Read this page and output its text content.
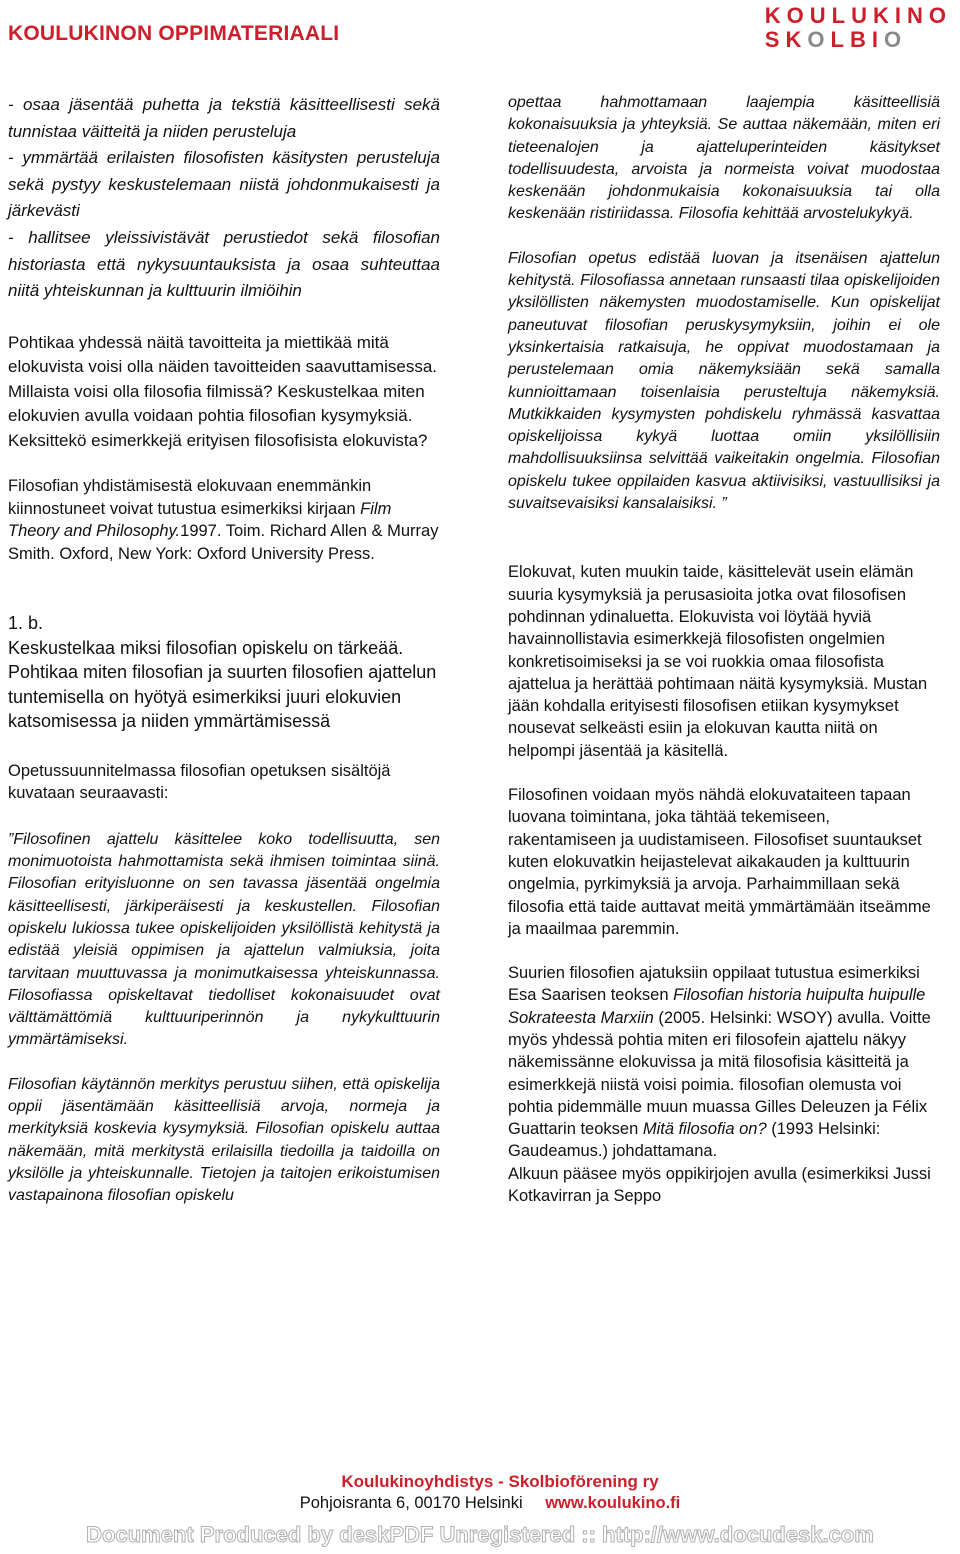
KOULUKINON OPPIMATERIAALI
KOULUKINO
SKOLBIO

- osaa jäsentää puhetta ja tekstiä käsitteellisesti sekä tunnistaa väitteitä ja niiden perusteluja
- ymmärtää erilaisten filosofisten käsitysten perusteluja sekä pystyy keskustelemaan niistä johdonmukaisesti ja järkevästi
- hallitsee yleissivistävät perustiedot sekä filosofian historiasta että nykysuuntauksista ja osaa suhteuttaa niitä yhteiskunnan ja kulttuurin ilmiöihin

Pohtikaa yhdessä näitä tavoitteita ja miettikää mitä elokuvista voisi olla näiden tavoitteiden saavuttamisessa. Millaista voisi olla filosofia filmissä? Keskustelkaa miten elokuvien avulla voidaan pohtia filosofian kysymyksiä. Keksittekö esimerkkejä erityisen filosofisista elokuvista?

Filosofian yhdistämisestä elokuvaan enemmänkin kiinnostuneet voivat tutustua esimerkiksi kirjaan Film Theory and Philosophy.1997. Toim. Richard Allen & Murray Smith. Oxford, New York: Oxford University Press.

1. b.

Keskustelkaa miksi filosofian opiskelu on tärkeää. Pohtikaa miten filosofian ja suurten filosofien ajattelun tuntemisella on hyötyä esimerkiksi juuri elokuvien katsomisessa ja niiden ymmärtämisessä

Opetussuunnitelmassa filosofian opetuksen sisältöjä kuvataan seuraavasti:

”Filosofinen ajattelu käsittelee koko todellisuutta, sen monimuotoista hahmottamista sekä ihmisen toimintaa siinä. Filosofian erityisluonne on sen tavassa jäsentää ongelmia käsitteellisesti, järkiperäisesti ja keskustellen. Filosofian opiskelu lukiossa tukee opiskelijoiden yksilöllistä kehitystä ja edistää yleisiä oppimisen ja ajattelun valmiuksia, joita tarvitaan muuttuvassa ja monimutkaisessa yhteiskunnassa. Filosofiassa opiskeltavat tiedolliset kokonaisuudet ovat välttämättömiä kulttuuriperinnön ja nykykulttuurin ymmärtämiseksi.

Filosofian käytännön merkitys perustuu siihen, että opiskelija oppii jäsentämään käsitteellisiä arvoja, normeja ja merkityksiä koskevia kysymyksiä. Filosofian opiskelu auttaa näkemään, mitä merkitystä erilaisilla tiedoilla ja taidoilla on yksilölle ja yhteiskunnalle. Tietojen ja taitojen erikoistumisen vastapainona filosofian opiskelu

opettaa hahmottamaan laajempia käsitteellisiä kokonaisuuksia ja yhteyksiä. Se auttaa näkemään, miten eri tieteenalojen ja ajatteluperinteiden käsitykset todellisuudesta, arvoista ja normeista voivat muodostaa keskenään johdonmukaisia kokonaisuuksia tai olla keskenään ristiriidassa. Filosofia kehittää arvostelukykyä.

Filosofian opetus edistää luovan ja itsenäisen ajattelun kehitystä. Filosofiassa annetaan runsaasti tilaa opiskelijoiden yksilöllisten näkemysten muodostamiselle. Kun opiskelijat paneutuvat filosofian peruskysymyksiin, joihin ei ole yksinkertaisia ratkaisuja, he oppivat muodostamaan ja perustelemaan omia näkemyksiään sekä samalla kunnioittamaan toisenlaisia perusteltuja näkemyksiä. Mutkikkaiden kysymysten pohdiskelu ryhmässä kasvattaa opiskelijoissa kykyä luottaa omiin yksilöllisiin mahdollisuuksiinsa selvittää vaikeitakin ongelmia. Filosofian opiskelu tukee oppilaiden kasvua aktiivisiksi, vastuullisiksi ja suvaitsevaisiksi kansalaisiksi. ”

Elokuvat, kuten muukin taide, käsittelevät usein elämän suuria kysymyksiä ja perusasioita jotka ovat filosofisen pohdinnan ydinaluetta. Elokuvista voi löytää hyviä havainnollistavia esimerkkejä filosofisten ongelmien konkretisoimiseksi ja se voi ruokkia omaa filosofista ajattelua ja herättää pohtimaan näitä kysymyksiä. Mustan jään kohdalla erityisesti filosofisen etiikan kysymykset nousevat selkeästi esiin ja elokuvan kautta niitä on helpompi jäsentää ja käsitellä.

Filosofinen voidaan myös nähdä elokuvataiteen tapaan luovana toimintana, joka tähtää tekemiseen, rakentamiseen ja uudistamiseen. Filosofiset suuntaukset kuten elokuvatkin heijastelevat aikakauden ja kulttuurin ongelmia, pyrkimyksiä ja arvoja. Parhaimmillaan sekä filosofia että taide auttavat meitä ymmärtämään itseämme ja maailmaa paremmin.

Suurien filosofien ajatuksiin oppilaat tutustua esimerkiksi Esa Saarisen teoksen Filosofian historia huipulta huipulle Sokrateesta Marxiin (2005. Helsinki: WSOY) avulla. Voitte myös yhdessä pohtia miten eri filosofein ajattelu näkyy näkemissänne elokuvissa ja mitä filosofisia käsitteitä ja esimerkkejä niistä voisi poimia. filosofian olemusta voi pohtia pidemmälle muun muassa Gilles Deleuzen ja Félix Guattarin teoksen Mitä filosofia on? (1993 Helsinki: Gaudeamus.) johdattamana.

Alkuun pääsee myös oppikirjojen avulla (esimerkiksi Jussi Kotkavirran ja Seppo

Koulukinoyhdistys - Skolbioförening ry
Pohjoisranta 6, 00170 Helsinki www.koulukino.fi
Document Produced by deskPDF Unregistered :: http://www.docudesk.com
